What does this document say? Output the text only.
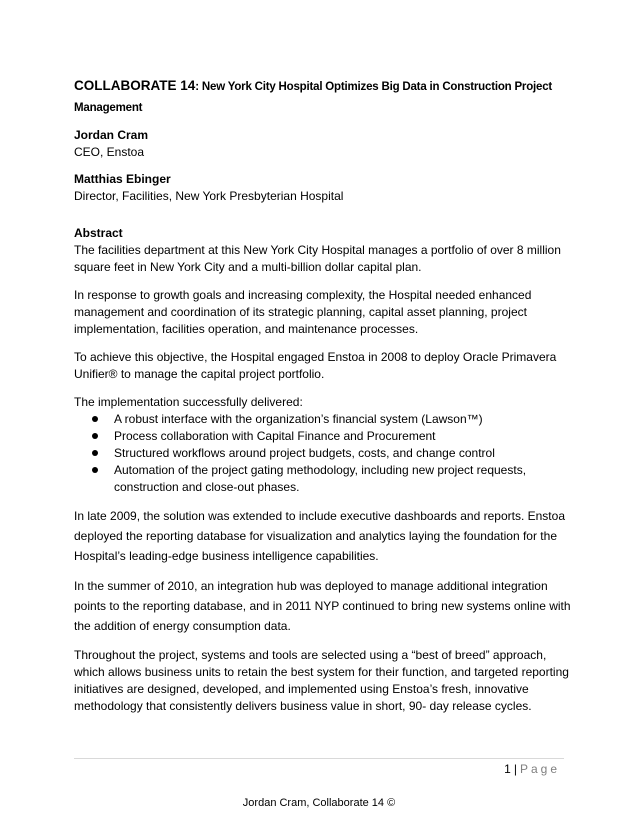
COLLABORATE 14: New York City Hospital Optimizes Big Data in Construction Project Management

Jordan Cram
CEO, Enstoa
Matthias Ebinger
Director, Facilities, New York Presbyterian Hospital
Abstract

The facilities department at this New York City Hospital manages a portfolio of over 8 million square feet in New York City and a multi-billion dollar capital plan.

In response to growth goals and increasing complexity, the Hospital needed enhanced management and coordination of its strategic planning, capital asset planning, project implementation, facilities operation, and maintenance processes.

To achieve this objective, the Hospital engaged Enstoa in 2008 to deploy Oracle Primavera Unifier® to manage the capital project portfolio.

The implementation successfully delivered:

A robust interface with the organization’s financial system (Lawson™)
Process collaboration with Capital Finance and Procurement
Structured workflows around project budgets, costs, and change control
Automation of the project gating methodology, including new project requests, construction and close-out phases.

In late 2009, the solution was extended to include executive dashboards and reports. Enstoa deployed the reporting database for visualization and analytics laying the foundation for the Hospital’s leading-edge business intelligence capabilities.

In the summer of 2010, an integration hub was deployed to manage additional integration points to the reporting database, and in 2011 NYP continued to bring new systems online with the addition of energy consumption data.

Throughout the project, systems and tools are selected using a “best of breed” approach, which allows business units to retain the best system for their function, and targeted reporting initiatives are designed, developed, and implemented using Enstoa’s fresh, innovative methodology that consistently delivers business value in short, 90- day release cycles.

1 | Page
Jordan Cram, Collaborate 14 ©
